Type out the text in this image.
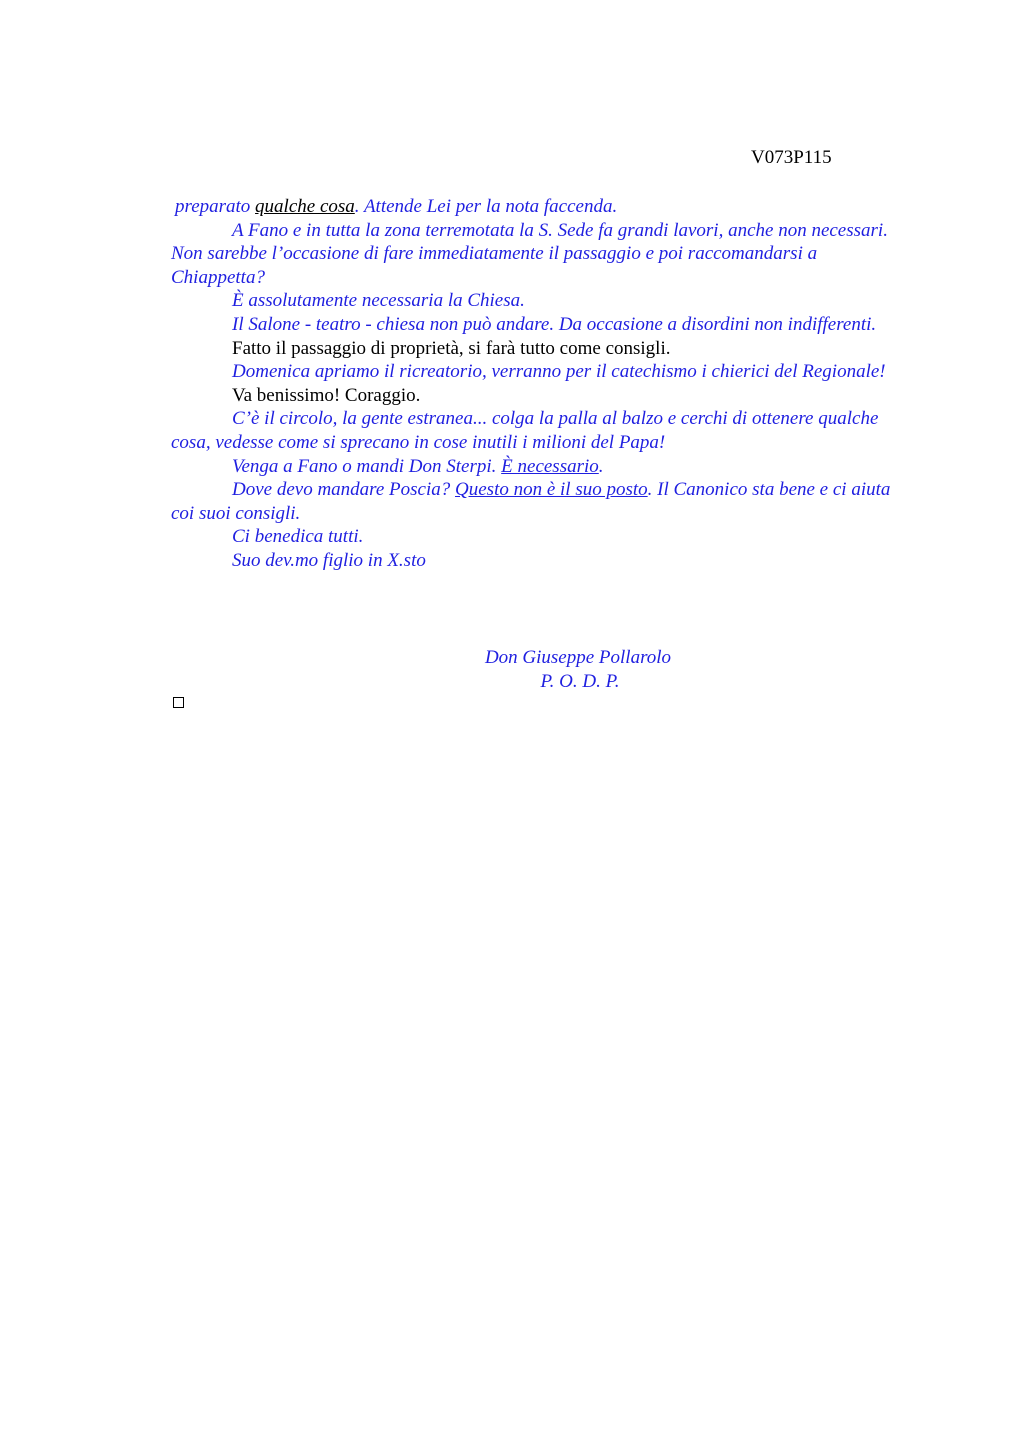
V073P115

preparato qualche cosa. Attende Lei per la nota faccenda.

A Fano e in tutta la zona terremotata la S. Sede fa grandi lavori, anche non necessari. Non sarebbe l’occasione di fare immediatamente il passaggio e poi raccomandarsi a Chiappetta?

È assolutamente necessaria la Chiesa.

Il Salone - teatro - chiesa non può andare. Da occasione a disordini non indifferenti.

Fatto il passaggio di proprietà, si farà tutto come consigli.

Domenica apriamo il ricreatorio, verranno per il catechismo i chierici del Regionale!

Va benissimo! Coraggio.

C’è il circolo, la gente estranea... colga la palla al balzo e cerchi di ottenere qualche cosa, vedesse come si sprecano in cose inutili i milioni del Papa!

Venga a Fano o mandi Don Sterpi. È necessario.

Dove devo mandare Poscia? Questo non è il suo posto. Il Canonico sta bene e ci aiuta coi suoi consigli.

Ci benedica tutti.

Suo dev.mo figlio in X.sto

Don Giuseppe Pollarolo
P. O. D. P.
